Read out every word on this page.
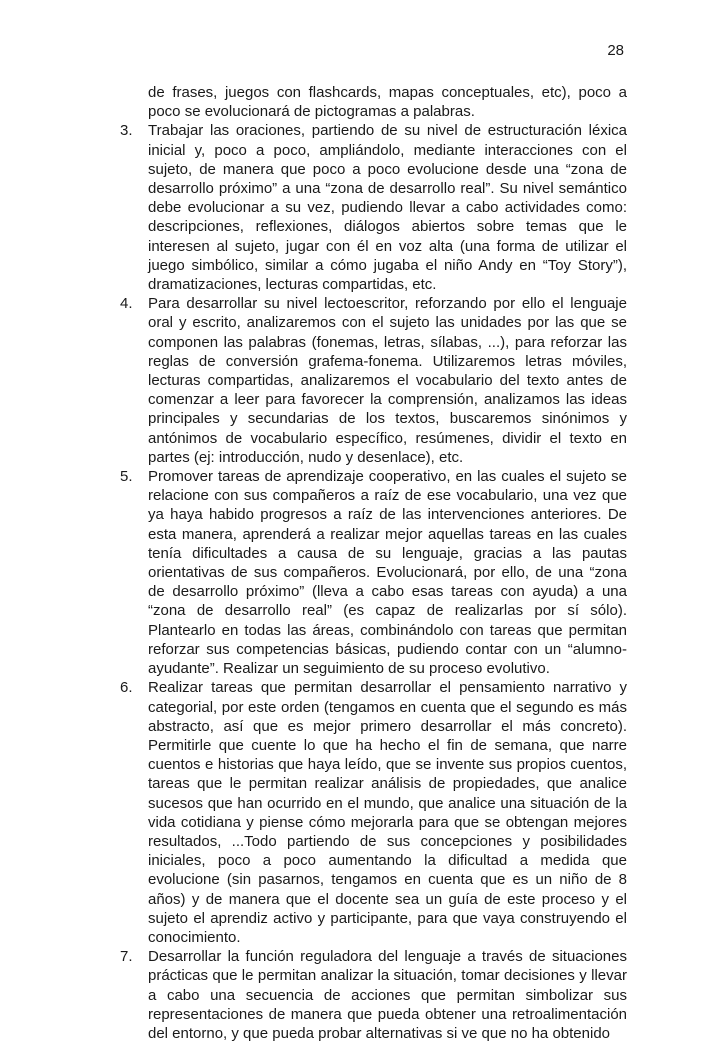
28

de frases, juegos con flashcards, mapas conceptuales, etc), poco a poco se evolucionará de pictogramas a palabras.

3. Trabajar las oraciones, partiendo de su nivel de estructuración léxica inicial y, poco a poco, ampliándolo, mediante interacciones con el sujeto, de manera que poco a poco evolucione desde una “zona de desarrollo próximo” a una “zona de desarrollo real”. Su nivel semántico debe evolucionar a su vez, pudiendo llevar a cabo actividades como: descripciones, reflexiones, diálogos abiertos sobre temas que le interesen al sujeto, jugar con él en voz alta (una forma de utilizar el juego simbólico, similar a cómo jugaba el niño Andy en “Toy Story”), dramatizaciones, lecturas compartidas, etc.
4. Para desarrollar su nivel lectoescritor, reforzando por ello el lenguaje oral y escrito, analizaremos con el sujeto las unidades por las que se componen las palabras (fonemas, letras, sílabas, ...), para reforzar las reglas de conversión grafema-fonema. Utilizaremos letras móviles, lecturas compartidas, analizaremos el vocabulario del texto antes de comenzar a leer para favorecer la comprensión, analizamos las ideas principales y secundarias de los textos, buscaremos sinónimos y antónimos de vocabulario específico, resúmenes, dividir el texto en partes (ej: introducción, nudo y desenlace), etc.
5. Promover tareas de aprendizaje cooperativo, en las cuales el sujeto se relacione con sus compañeros a raíz de ese vocabulario, una vez que ya haya habido progresos a raíz de las intervenciones anteriores. De esta manera, aprenderá a realizar mejor aquellas tareas en las cuales tenía dificultades a causa de su lenguaje, gracias a las pautas orientativas de sus compañeros. Evolucionará, por ello, de una “zona de desarrollo próximo” (lleva a cabo esas tareas con ayuda) a una “zona de desarrollo real” (es capaz de realizarlas por sí sólo). Plantearlo en todas las áreas, combinándolo con tareas que permitan reforzar sus competencias básicas, pudiendo contar con un “alumno-ayudante”. Realizar un seguimiento de su proceso evolutivo.
6. Realizar tareas que permitan desarrollar el pensamiento narrativo y categorial, por este orden (tengamos en cuenta que el segundo es más abstracto, así que es mejor primero desarrollar el más concreto). Permitirle que cuente lo que ha hecho el fin de semana, que narre cuentos e historias que haya leído, que se invente sus propios cuentos, tareas que le permitan realizar análisis de propiedades, que analice sucesos que han ocurrido en el mundo, que analice una situación de la vida cotidiana y piense cómo mejorarla para que se obtengan mejores resultados, ...Todo partiendo de sus concepciones y posibilidades iniciales, poco a poco aumentando la dificultad a medida que evolucione (sin pasarnos, tengamos en cuenta que es un niño de 8 años) y de manera que el docente sea un guía de este proceso y el sujeto el aprendiz activo y participante, para que vaya construyendo el conocimiento.
7. Desarrollar la función reguladora del lenguaje a través de situaciones prácticas que le permitan analizar la situación, tomar decisiones y llevar a cabo una secuencia de acciones que permitan simbolizar sus representaciones de manera que pueda obtener una retroalimentación del entorno, y que pueda probar alternativas si ve que no ha obtenido
